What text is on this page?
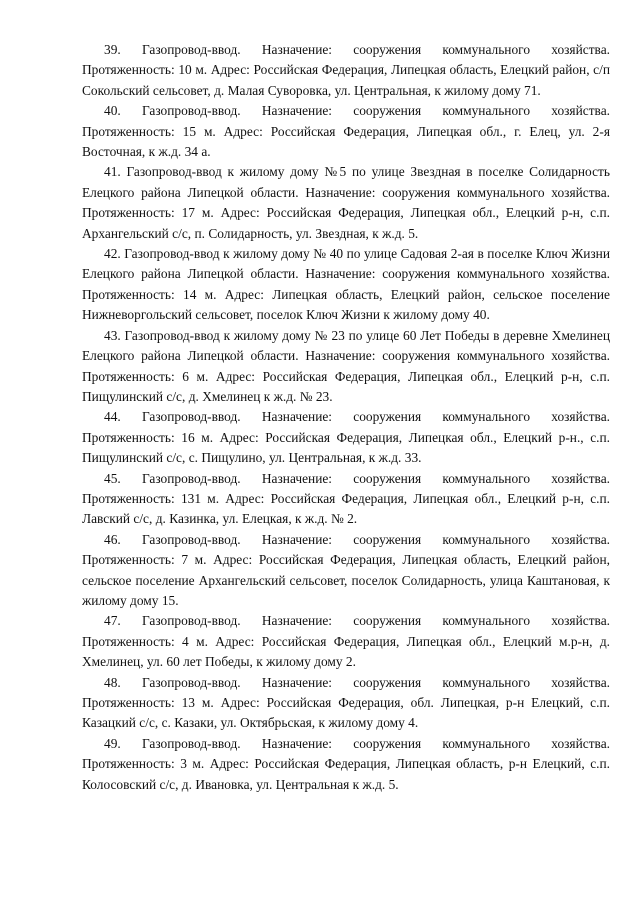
39. Газопровод-ввод. Назначение: сооружения коммунального хозяйства. Протяженность: 10 м. Адрес: Российская Федерация, Липецкая область, Елецкий район, с/п Сокольский сельсовет, д. Малая Суворовка, ул. Центральная, к жилому дому 71.

40. Газопровод-ввод. Назначение: сооружения коммунального хозяйства. Протяженность: 15 м. Адрес: Российская Федерация, Липецкая обл., г. Елец, ул. 2-я Восточная, к ж.д. 34 а.

41. Газопровод-ввод к жилому дому №5 по улице Звездная в поселке Солидарность Елецкого района Липецкой области. Назначение: сооружения коммунального хозяйства. Протяженность: 17 м. Адрес: Российская Федерация, Липецкая обл., Елецкий р-н, с.п. Архангельский с/с, п. Солидарность, ул. Звездная, к ж.д. 5.

42. Газопровод-ввод к жилому дому № 40 по улице Садовая 2-ая в поселке Ключ Жизни Елецкого района Липецкой области. Назначение: сооружения коммунального хозяйства. Протяженность: 14 м. Адрес: Липецкая область, Елецкий район, сельское поселение Нижневоргольский сельсовет, поселок Ключ Жизни к жилому дому 40.

43. Газопровод-ввод к жилому дому № 23 по улице 60 Лет Победы в деревне Хмелинец Елецкого района Липецкой области. Назначение: сооружения коммунального хозяйства. Протяженность: 6 м. Адрес: Российская Федерация, Липецкая обл., Елецкий р-н, с.п. Пищулинский с/с, д. Хмелинец к ж.д. № 23.

44. Газопровод-ввод. Назначение: сооружения коммунального хозяйства. Протяженность: 16 м. Адрес: Российская Федерация, Липецкая обл., Елецкий р-н., с.п. Пищулинский с/с, с. Пищулино, ул. Центральная, к ж.д. 33.

45. Газопровод-ввод. Назначение: сооружения коммунального хозяйства. Протяженность: 131 м. Адрес: Российская Федерация, Липецкая обл., Елецкий р-н, с.п. Лавский с/с, д. Казинка, ул. Елецкая, к ж.д. № 2.

46. Газопровод-ввод. Назначение: сооружения коммунального хозяйства. Протяженность: 7 м. Адрес: Российская Федерация, Липецкая область, Елецкий район, сельское поселение Архангельский сельсовет, поселок Солидарность, улица Каштановая, к жилому дому 15.

47. Газопровод-ввод. Назначение: сооружения коммунального хозяйства. Протяженность: 4 м. Адрес: Российская Федерация, Липецкая обл., Елецкий м.р-н, д. Хмелинец, ул. 60 лет Победы, к жилому дому 2.

48. Газопровод-ввод. Назначение: сооружения коммунального хозяйства. Протяженность: 13 м. Адрес: Российская Федерация, обл. Липецкая, р-н Елецкий, с.п. Казацкий с/с, с. Казаки, ул. Октябрьская, к жилому дому 4.

49. Газопровод-ввод. Назначение: сооружения коммунального хозяйства. Протяженность: 3 м. Адрес: Российская Федерация, Липецкая область, р-н Елецкий, с.п. Колосовский с/с, д. Ивановка, ул. Центральная к ж.д. 5.
